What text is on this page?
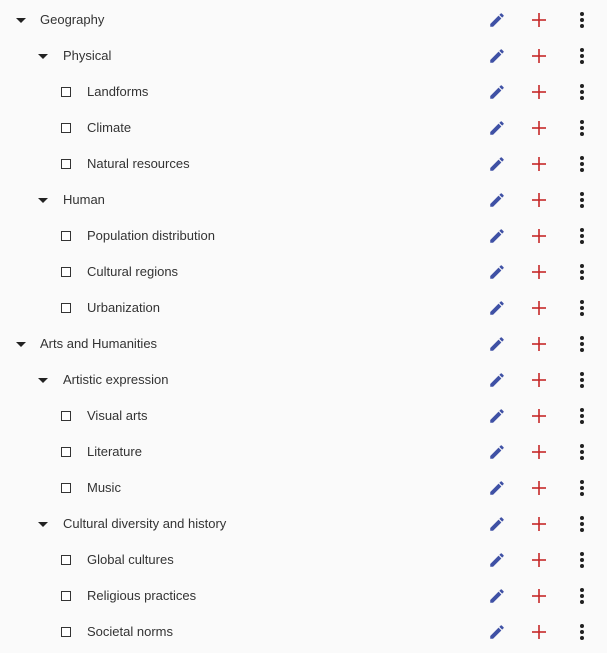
Geography
Physical
Landforms
Climate
Natural resources
Human
Population distribution
Cultural regions
Urbanization
Arts and Humanities
Artistic expression
Visual arts
Literature
Music
Cultural diversity and history
Global cultures
Religious practices
Societal norms
